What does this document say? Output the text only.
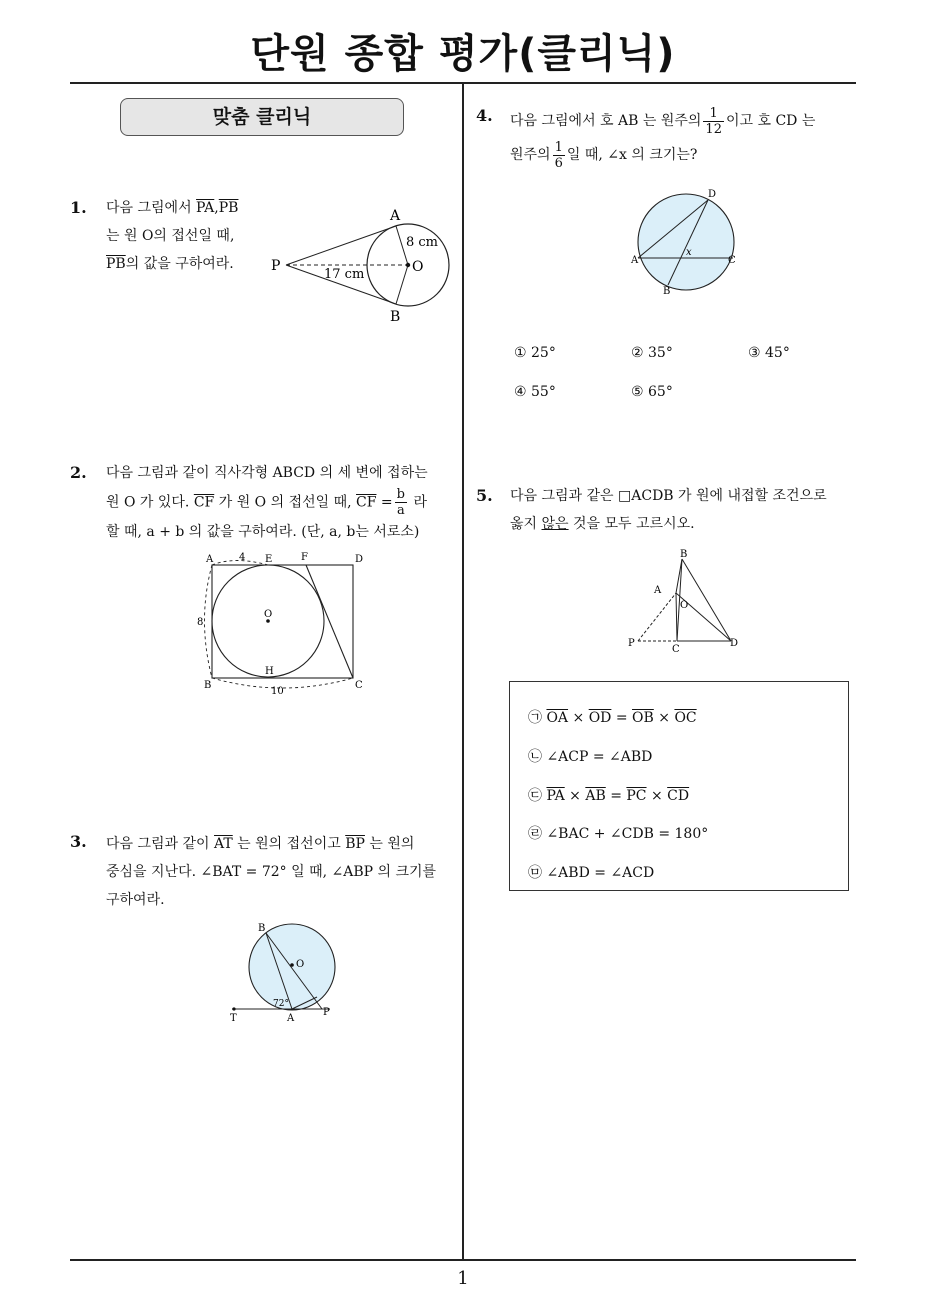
단원 종합 평가(클리닉)
맞춤 클리닉
1. 다음 그림에서 $\overline{PA},\overline{PB}$
는 원 O의 접선일 때,
$\overline{PB}$의 값을 구하여라.
A
B
P	O
8 cm
17 cm
2. 다음 그림과 같이 직사각형 ABCD 의 세 변에 접하는
원 O 가 있다. $\overline{CF}$ 가 원 O 의 접선일 때, $\overline{CF} = \frac{b}{a}$ 라
할 때, a + b 의 값을 구하여라. (단, a, b는 서로소)
A	E	F	D
B
H
C
O
4
8
10
3. 다음 그림과 같이 $\overline{AT}$ 는 원의 접선이고 $\overline{BP}$ 는 원의
중심을 지난다. ∠BAT = 72° 일 때, ∠ABP 의 크기를
구하여라.
B
O
A
T
P
72°
4. 다음 그림에서 호 AB 는 원주의 $\frac{1}{12}$ 이고 호 CD 는
원주의 $\frac{1}{6}$ 일 때, ∠x 의 크기는?
D
A	C
B
x
① 25°	② 35°	③ 45°
④ 55°	⑤ 65°
5. 다음 그림과 같은 □ACDB 가 원에 내접할 조건으로
옳지 않은 것을 모두 고르시오.
B
A
O
P
C
D
㉠ $\overline{OA} \times \overline{OD} = \overline{OB} \times \overline{OC}$
㉡ ∠ACP = ∠ABD
㉢ $\overline{PA} \times \overline{AB} = \overline{PC} \times \overline{CD}$
㉣ ∠BAC + ∠CDB = 180°
㉤ ∠ABD = ∠ACD
1
